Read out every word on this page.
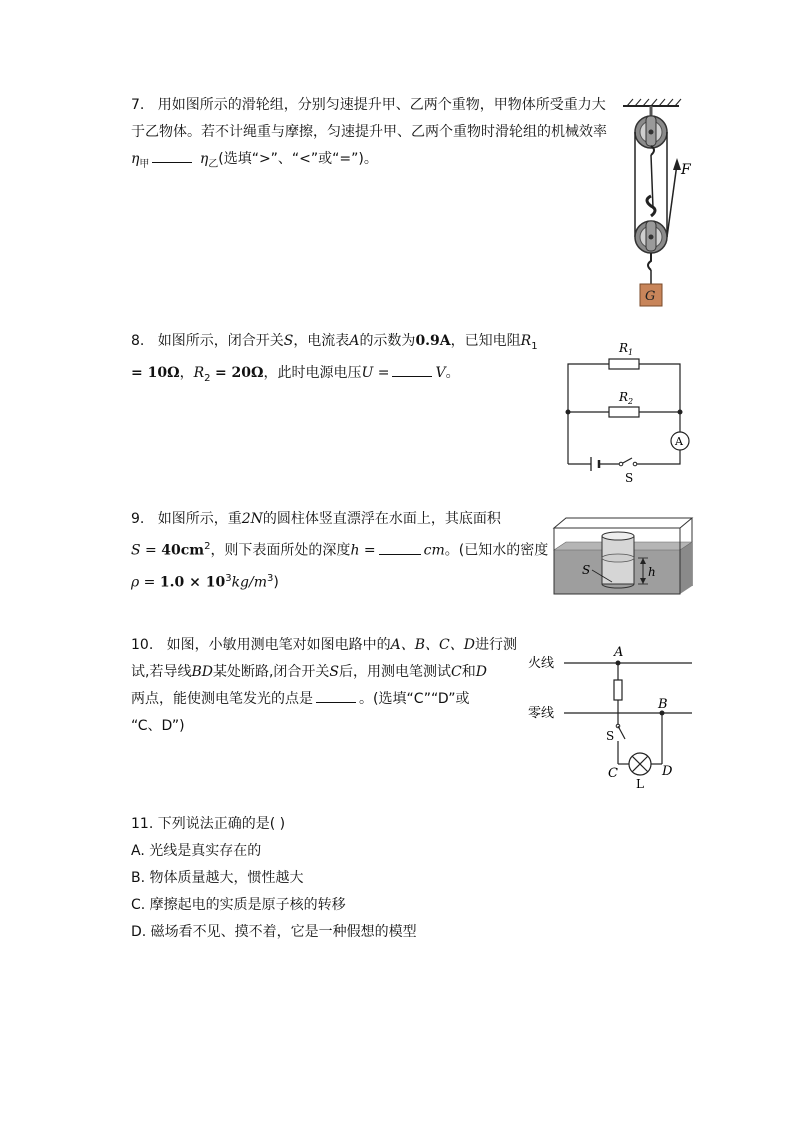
7. 用如图所示的滑轮组，分别匀速提升甲、乙两个重物，甲物体所受重力大

于乙物体。若不计绳重与摩擦，匀速提升甲、乙两个重物时滑轮组的机械效率

$\eta_甲$	$\eta_乙$(选填“>”、“<”或“=”)。

F
G

8. 如图所示，闭合开关S，电流表A的示数为0.9A，已知电阻$R_1$

= 10Ω，$R_2 = 20\Omega$，此时电源电压U =	V。

$R_1$
$R_2$
A
S

9. 如图所示，重2N的圆柱体竖直漂浮在水面上，其底面积

$S = 40cm^2$，则下表面所处的深度h =	cm。(已知水的密度

$\rho = 1.0 \times 10^3kg/m^3$)

S	h

10. 如图，小敏用测电笔对如图电路中的A、B、C、D进行测

试,若导线BD某处断路,闭合开关S后，用测电笔测试C和D

两点，能使测电笔发光的点是	。(选填“C”“D”或

“C、D”)

火线
零线
A
S
B
C	D
L

11. 下列说法正确的是( )

A. 光线是真实存在的

B. 物体质量越大，惯性越大

C. 摩擦起电的实质是原子核的转移

D. 磁场看不见、摸不着，它是一种假想的模型
